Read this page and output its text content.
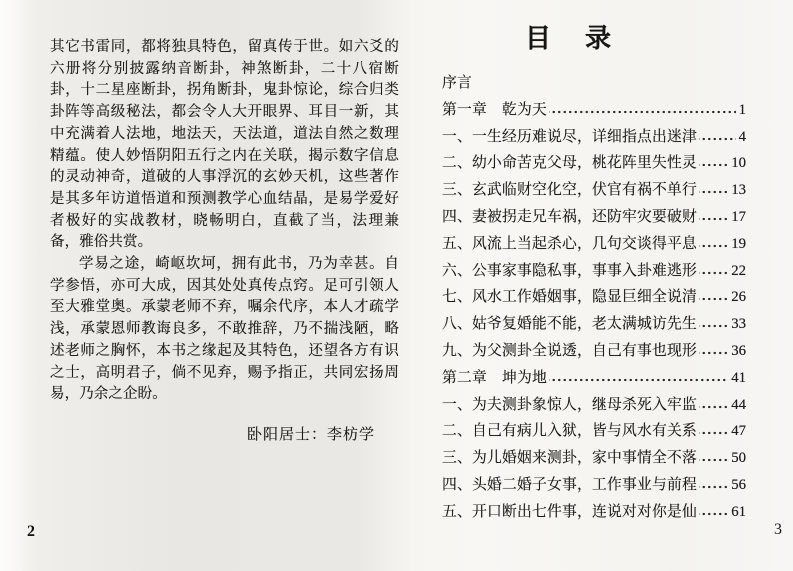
其它书雷同，都将独具特色，留真传于世。如六爻的六册将分别披露纳音断卦，神煞断卦，二十八宿断卦，十二星座断卦，拐角断卦，鬼卦惊论，综合归类卦阵等高级秘法，都会令人大开眼界、耳目一新，其中充满着人法地，地法天，天法道，道法自然之数理精蕴。使人妙悟阴阳五行之内在关联，揭示数字信息的灵动神奇，道破的人事浮沉的玄妙天机，这些著作是其多年访道悟道和预测教学心血结晶，是易学爱好者极好的实战教材，晓畅明白，直截了当，法理兼备，雅俗共赏。

学易之途，崎岖坎坷，拥有此书，乃为幸甚。自学参悟，亦可大成，因其处处真传点窍。足可引领人至大雅堂奥。承蒙老师不弃，嘱余代序，本人才疏学浅，承蒙恩师教诲良多，不敢推辞，乃不揣浅陋，略述老师之胸怀，本书之缘起及其特色，还望各方有识之士，高明君子，倘不见弃，赐予指正，共同宏扬周易，乃余之企盼。

卧阳居士：李枋学
2
目　录
序言
第一章　乾为天	1
一、一生经历难说尽，详细指点出迷津	4
二、幼小命苦克父母，桃花阵里失性灵 10
三、玄武临财空化空，伏官有祸不单行 13
四、妻被拐走兄车祸，还防牢灾要破财 17
五、风流上当起杀心，几句交谈得平息 19
六、公事家事隐私事，事事入卦难逃形 22
七、风水工作婚姻事，隐显巨细全说清 26
八、姑爷复婚能不能，老太满城访先生 33
九、为父测卦全说透，自己有事也现形 36
第二章　坤为地	41
一、为夫测卦象惊人，继母杀死入牢监 44
二、自己有病儿入狱，皆与风水有关系 47
三、为儿婚姻来测卦，家中事情全不落 50
四、头婚二婚子女事，工作事业与前程 56
五、开口断出七件事，连说对对你是仙 61
3
